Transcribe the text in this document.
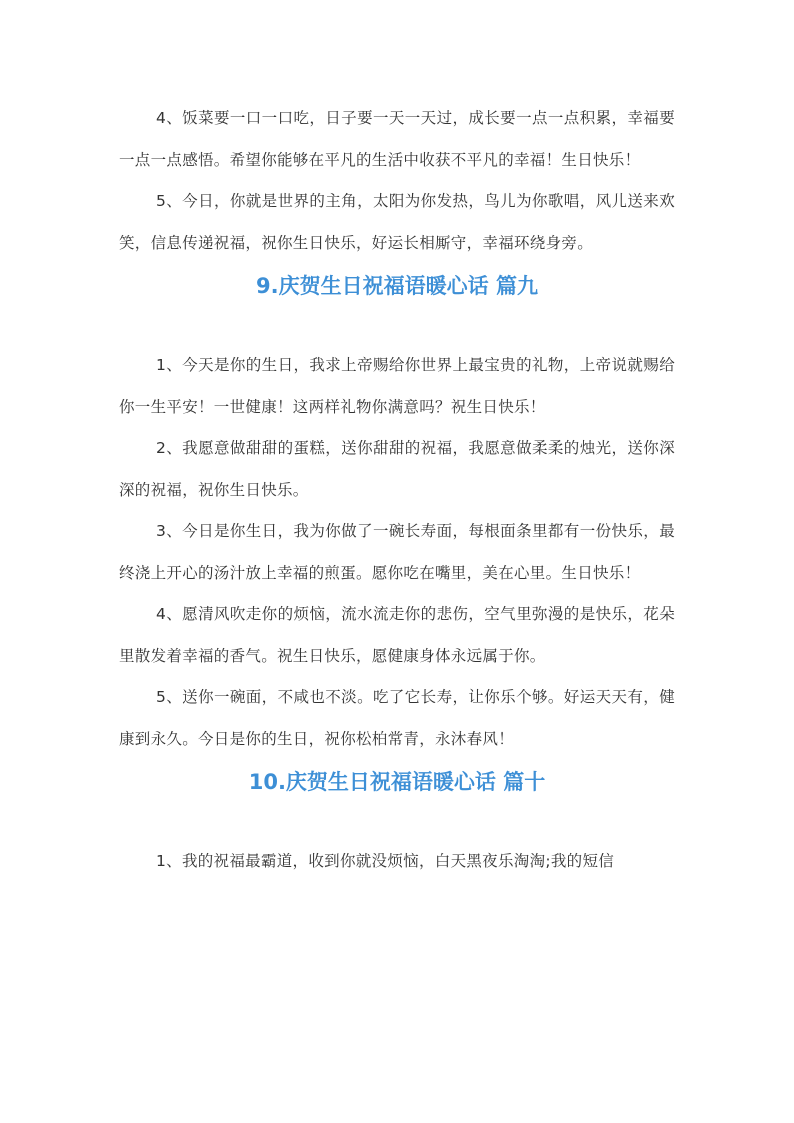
4、饭菜要一口一口吃，日子要一天一天过，成长要一点一点积累，幸福要一点一点感悟。希望你能够在平凡的生活中收获不平凡的幸福！生日快乐！

5、今日，你就是世界的主角，太阳为你发热，鸟儿为你歌唱，风儿送来欢笑，信息传递祝福，祝你生日快乐，好运长相厮守，幸福环绕身旁。

9.庆贺生日祝福语暖心话 篇九

1、今天是你的生日，我求上帝赐给你世界上最宝贵的礼物，上帝说就赐给你一生平安！一世健康！这两样礼物你满意吗？祝生日快乐！

2、我愿意做甜甜的蛋糕，送你甜甜的祝福，我愿意做柔柔的烛光，送你深深的祝福，祝你生日快乐。

3、今日是你生日，我为你做了一碗长寿面，每根面条里都有一份快乐，最终浇上开心的汤汁放上幸福的煎蛋。愿你吃在嘴里，美在心里。生日快乐！

4、愿清风吹走你的烦恼，流水流走你的悲伤，空气里弥漫的是快乐，花朵里散发着幸福的香气。祝生日快乐，愿健康身体永远属于你。

5、送你一碗面，不咸也不淡。吃了它长寿，让你乐个够。好运天天有，健康到永久。今日是你的生日，祝你松柏常青，永沐春风！

10.庆贺生日祝福语暖心话 篇十

1、我的祝福最霸道，收到你就没烦恼，白天黑夜乐淘淘;我的短信
